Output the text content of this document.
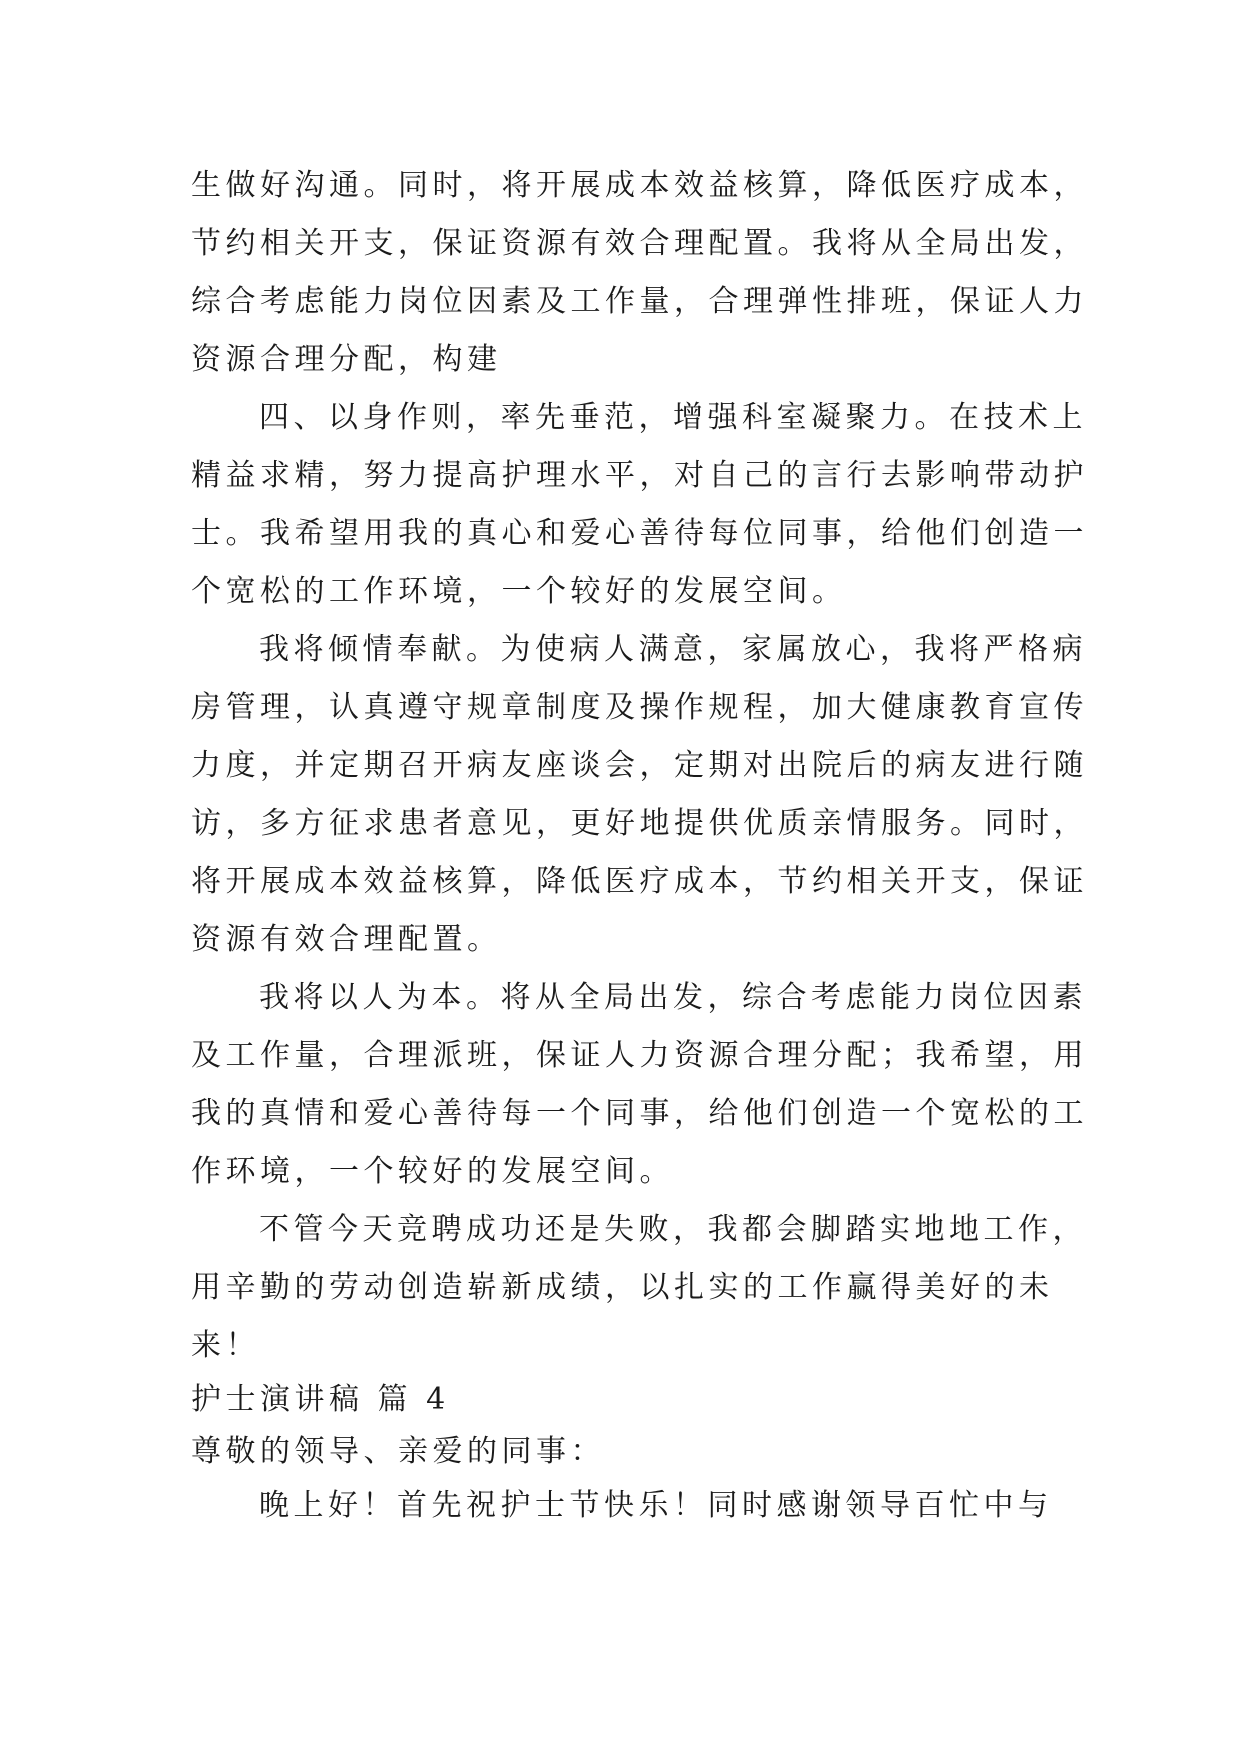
生做好沟通。同时，将开展成本效益核算，降低医疗成本，
节约相关开支，保证资源有效合理配置。我将从全局出发，
综合考虑能力岗位因素及工作量，合理弹性排班，保证人力
资源合理分配，构建
四、以身作则，率先垂范，增强科室凝聚力。在技术上
精益求精，努力提高护理水平，对自己的言行去影响带动护
士。我希望用我的真心和爱心善待每位同事，给他们创造一
个宽松的工作环境，一个较好的发展空间。
我将倾情奉献。为使病人满意，家属放心，我将严格病
房管理，认真遵守规章制度及操作规程，加大健康教育宣传
力度，并定期召开病友座谈会，定期对出院后的病友进行随
访，多方征求患者意见，更好地提供优质亲情服务。同时，
将开展成本效益核算，降低医疗成本，节约相关开支，保证
资源有效合理配置。
我将以人为本。将从全局出发，综合考虑能力岗位因素
及工作量，合理派班，保证人力资源合理分配；我希望，用
我的真情和爱心善待每一个同事，给他们创造一个宽松的工
作环境，一个较好的发展空间。
不管今天竞聘成功还是失败，我都会脚踏实地地工作，
用辛勤的劳动创造崭新成绩，以扎实的工作赢得美好的未
来！
护士演讲稿 篇 4
尊敬的领导、亲爱的同事：
晚上好！首先祝护士节快乐！同时感谢领导百忙中与
